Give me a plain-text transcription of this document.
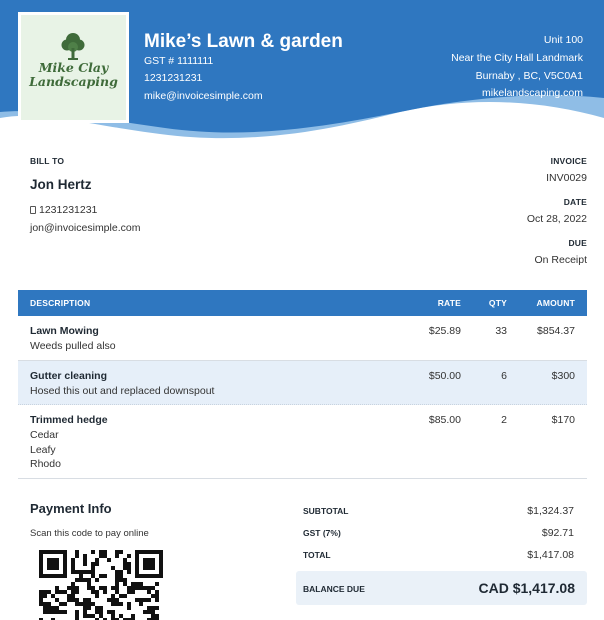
Mike Clay
Landscaping
Mike’s Lawn & garden
GST # 1111111
1231231231
mike@invoicesimple.com
Unit 100
Near the City Hall Landmark
Burnaby , BC, V5C0A1
mikelandscaping.com
BILL TO
Jon Hertz
1231231231
jon@invoicesimple.com
INVOICE
INV0029
DATE
Oct 28, 2022
DUE
On Receipt
DESCRIPTION	RATE	QTY	AMOUNT
Lawn Mowing
Weeds pulled also
$25.89	33	$854.37
Gutter cleaning
Hosed this out and replaced downspout
$50.00	6	$300
Trimmed hedge
Cedar
Leafy
Rhodo
$85.00	2	$170
Payment Info
Scan this code to pay online
SUBTOTAL	$1,324.37
GST (7%)	$92.71
TOTAL	$1,417.08
BALANCE DUE	CAD $1,417.08
